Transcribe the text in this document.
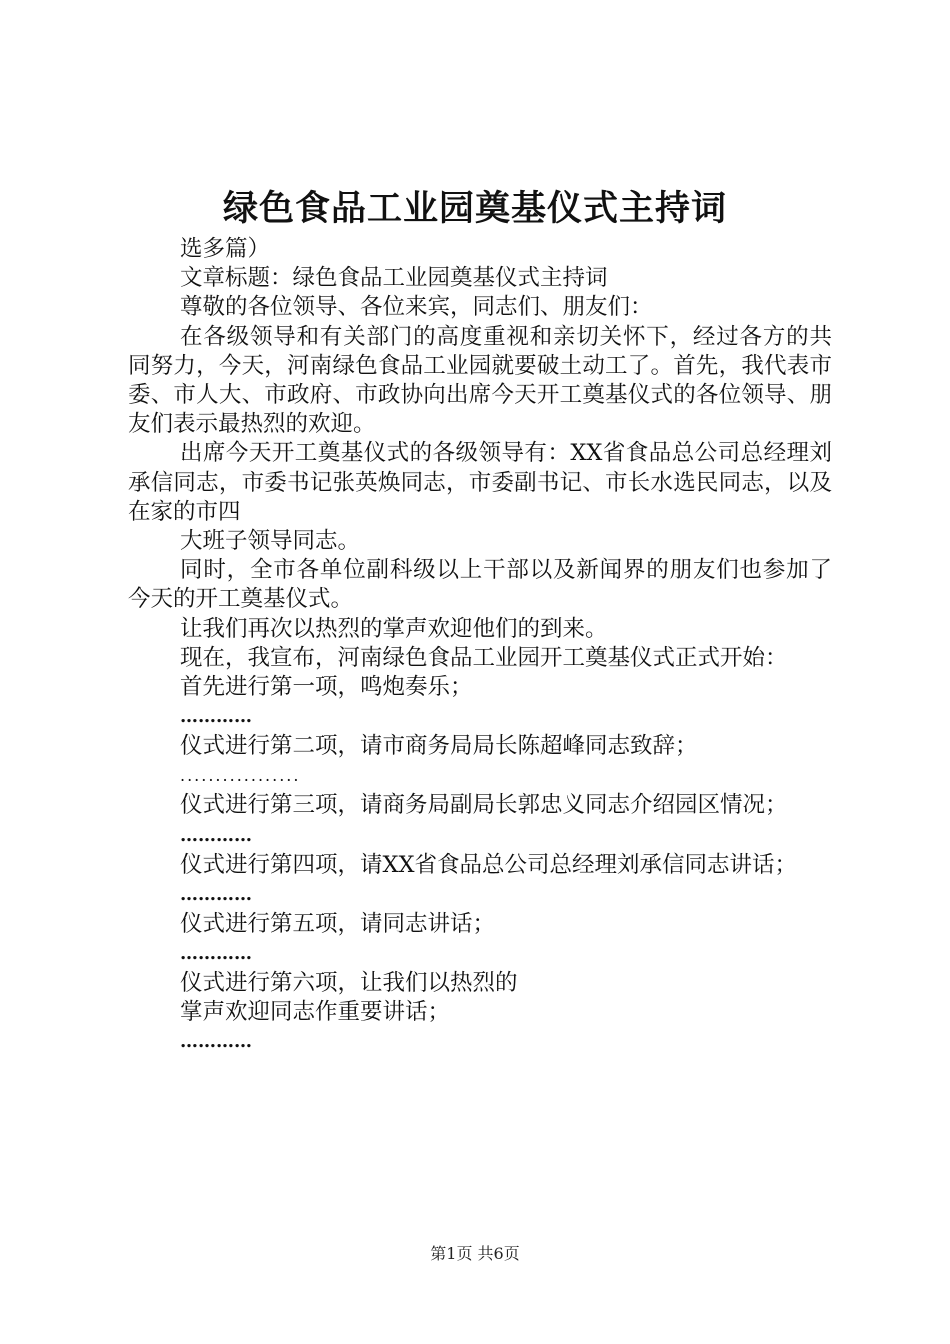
绿色食品工业园奠基仪式主持词

选多篇）

文章标题：绿色食品工业园奠基仪式主持词

尊敬的各位领导、各位来宾，同志们、朋友们：

在各级领导和有关部门的高度重视和亲切关怀下，经过各方的共同努力，今天，河南绿色食品工业园就要破土动工了。首先，我代表市委、市人大、市政府、市政协向出席今天开工奠基仪式的各位领导、朋友们表示最热烈的欢迎。

出席今天开工奠基仪式的各级领导有：XX省食品总公司总经理刘承信同志，市委书记张英焕同志，市委副书记、市长水选民同志，以及在家的市四

大班子领导同志。

同时，全市各单位副科级以上干部以及新闻界的朋友们也参加了今天的开工奠基仪式。

让我们再次以热烈的掌声欢迎他们的到来。

现在，我宣布，河南绿色食品工业园开工奠基仪式正式开始：

首先进行第一项，鸣炮奏乐；

…………

仪式进行第二项，请市商务局局长陈超峰同志致辞；

.................

仪式进行第三项，请商务局副局长郭忠义同志介绍园区情况；

…………

仪式进行第四项，请XX省食品总公司总经理刘承信同志讲话；

…………

仪式进行第五项，请同志讲话；

…………

仪式进行第六项，让我们以热烈的

掌声欢迎同志作重要讲话；

…………

第1页 共6页
